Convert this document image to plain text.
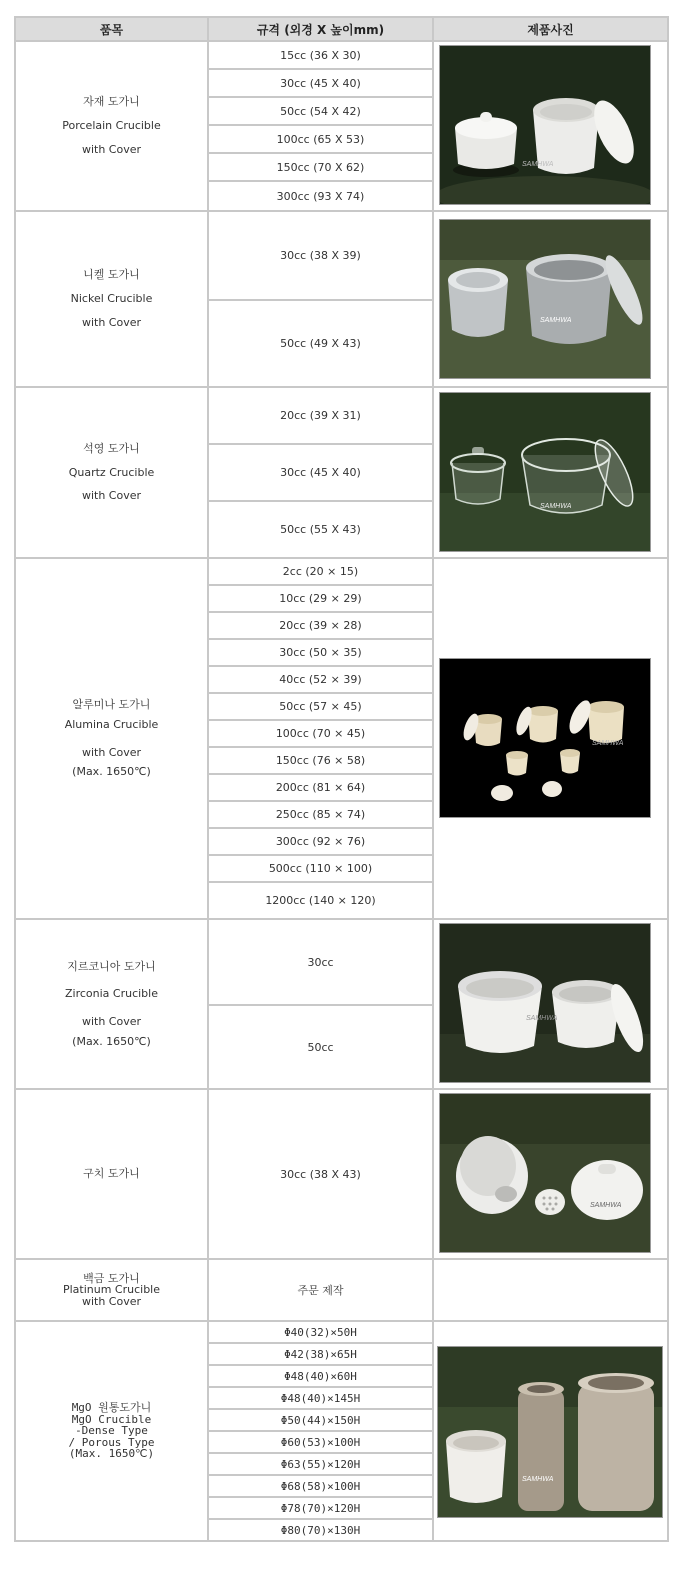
품목	규격 (외경 X 높이mm)	제품사진
자재 도가니
Porcelain Crucible
with Cover
15cc (36 X 30)
30cc (45 X 40)
50cc (54 X 42)
100cc (65 X 53)
150cc (70 X 62)
300cc (93 X 74)
니켈 도가니
Nickel Crucible
with Cover
30cc (38 X 39)
50cc (49 X 43)
석영 도가니
Quartz Crucible
with Cover
20cc (39 X 31)
30cc (45 X 40)
50cc (55 X 43)
알루미나 도가니
Alumina Crucible
with Cover
(Max. 1650℃)
2cc (20 × 15)
10cc (29 × 29)
20cc (39 × 28)
30cc (50 × 35)
40cc (52 × 39)
50cc (57 × 45)
100cc (70 × 45)
150cc (76 × 58)
200cc (81 × 64)
250cc (85 × 74)
300cc (92 × 76)
500cc (110 × 100)
1200cc (140 × 120)
지르코니아 도가니
Zirconia Crucible
with Cover
(Max. 1650℃)
30cc
50cc
구치 도가니	30cc (38 X 43)
백금 도가니
Platinum Crucible
with Cover
주문 제작
MgO 원통도가니
MgO Crucible
-Dense Type
/ Porous Type
(Max. 1650℃)
Φ40(32)×50H
Φ42(38)×65H
Φ48(40)×60H
Φ48(40)×145H
Φ50(44)×150H
Φ60(53)×100H
Φ63(55)×120H
Φ68(58)×100H
Φ78(70)×120H
Φ80(70)×130H
SAMHWA
SAMHWA
SAMHWA
SAMHWA
SAMHWA
SAMHWA
SAMHWA
